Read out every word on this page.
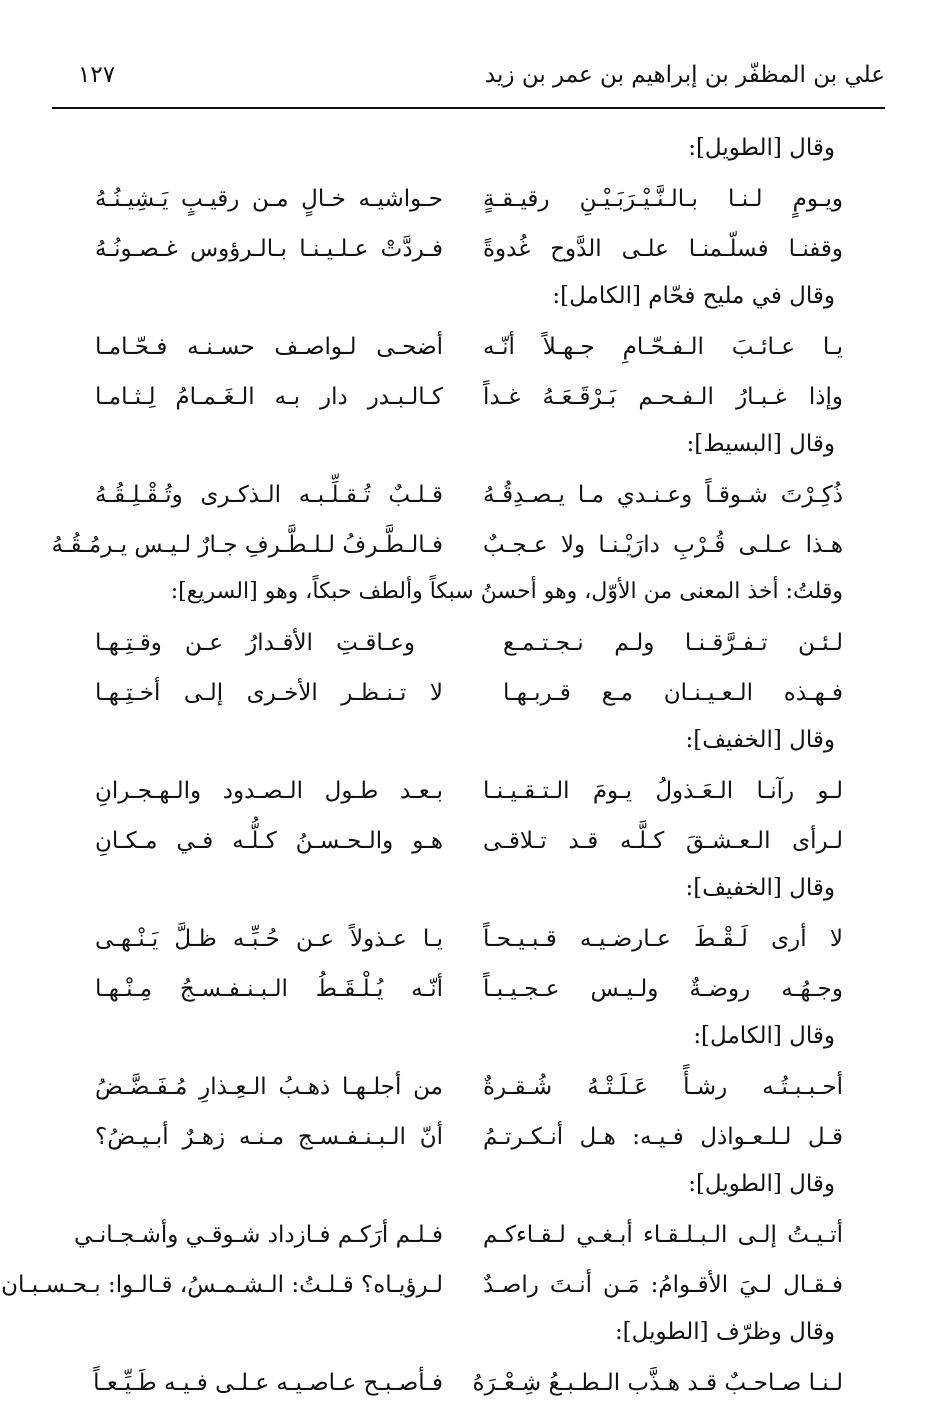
علي بن المظفّر بن إبراهيم بن عمر بن زيد
١٢٧
وقال [الطويل]:
ويـومٍ لـنـا بـالـنَّـيْـرَبَـيْـنِ رقيـقـةٍ
حـواشيـه خـالٍ مـن رقيـبٍ يَـشِيـنُـهُ
وقفنـا فسلّـمنـا علـى الدَّوح غُدوةً
فـردَّتْ عـلـيـنـا بـالـرؤوس غـصـونُـهُ
وقال في مليح فحّام [الكامل]:
يـا عـائـبَ الـفـحّـامِ جـهـلاً أنّـه
أضحـى لـواصـف حسـنـه فـحّـامـا
وإذا غـبـارُ الـفـحـم بَـرْقَـعَـهُ غـداً
كـالـبـدر دار بـه الـغَـمـامُ لِـثـامـا
وقال [البسيط]:
ذُكِـرْتَ شـوقـاً وعـنـدي مـا يـصـدِقُـهُ
قـلـبٌ تُـقـلِّـبـه الـذكـرى وتُـقْـلِـقُـهُ
هـذا عـلـى قُـرْبِ دارَيْـنـا ولا عـجـبٌ
فـالـطَّـرفُ لـلـطَّـرفِ جـارٌ لـيـس يـرمُـقُـهُ
وقلتُ: أخذ المعنى من الأوّل، وهو أحسنُ سبكاً وألطف حبكاً، وهو [السريع]:
لـئـن تـفـرَّقـنـا ولـم نـجـتـمـع
وعـاقـتِ الأقـدارُ عـن وقـتِـهـا
فـهـذه الـعـيـنـان مـع قـربـهـا
لا تـنـظـر الأخـرى إلـى أخـتِـهـا
وقال [الخفيف]:
لـو رآنـا الـعَـذولُ يـومَ الـتـقـيـنـا
بـعـد طـول الـصـدود والـهـجـرانِ
لـرأى الـعـشـقَ كـلَّـه قـد تـلاقـى
هـو والـحـسـنُ كـلُّـه فـي مـكـانِ
وقال [الخفيف]:
لا أرى لَـقْـطَ عـارضـيـه قـبـيـحـاً
يـا عـذولاً عـن حُـبِّـه ظـلَّ يَـنْـهـى
وجـهُـه روضـةٌ ولـيـس عـجـيـبـاً
أنّـه يُـلْـقَـطُ الـبـنـفـسـجُ مِـنْـهـا
وقال [الكامل]:
أحـبـبـتُـه رشـأً عَـلَـتْـهُ شُـقـرةٌ
من أجلـهـا ذهـبُ الـعِـذارِ مُـفَـضَّـضُ
قـل لـلـعـواذل فـيـه: هـل أنـكـرتـمُ
أنّ الـبـنـفـسـج مـنـه زهـرٌ أبـيـضُ؟
وقال [الطويل]:
أتـيـتُ إلـى الـبـلـقـاء أبـغـي لـقـاءكـم
فـلـم أرَكـم فـازداد شـوقـي وأشـجـانـي
فـقـال لـيَ الأقـوامُ: مَـن أنـتَ راصـدٌ
لـرؤيـاه؟ قـلـتُ: الـشـمـسُ، قـالـوا: بـحـسـبـان
وقال وظرّف [الطويل]:
لـنـا صـاحـبٌ قـد هـذَّب الـطـبـعُ شِـعْـرَهُ
فـأصـبـح عـاصـيـه عـلـى فـيـه طَـيِّـعـاً
